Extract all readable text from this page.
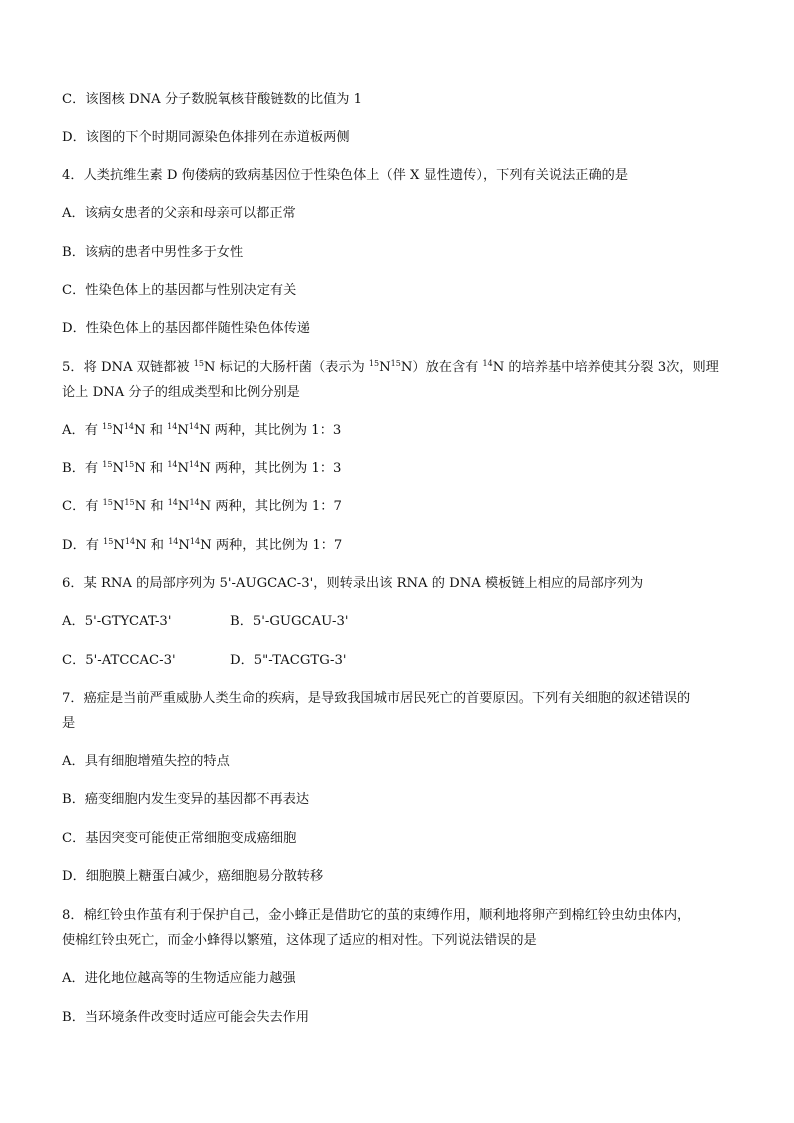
C．该图核 DNA 分子数脱氧核苷酸链数的比值为 1
D．该图的下个时期同源染色体排列在赤道板两侧
4．人类抗维生素 D 佝偻病的致病基因位于性染色体上（伴 X 显性遗传），下列有关说法正确的是
A．该病女患者的父亲和母亲可以都正常
B．该病的患者中男性多于女性
C．性染色体上的基因都与性别决定有关
D．性染色体上的基因都伴随性染色体传递
5．将 DNA 双链都被 $^{15}$N 标记的大肠杆菌（表示为 $^{15}N^{15}N$）放在含有 $^{14}$N 的培养基中培养使其分裂 3次，则理
论上 DNA 分子的组成类型和比例分别是
A．有 $^{15}N^{14}N$ 和 $^{14}N^{14}N$ 两种，其比例为 1：3
B．有 $^{15}N^{15}N$ 和 $^{14}N^{14}N$ 两种，其比例为 1：3
C．有 $^{15}N^{15}N$ 和 $^{14}N^{14}N$ 两种，其比例为 1：7
D．有 $^{15}N^{14}N$ 和 $^{14}N^{14}N$ 两种，其比例为 1：7
6．某 RNA 的局部序列为 5'-AUGCAC-3'，则转录出该 RNA 的 DNA 模板链上相应的局部序列为
A．5'-GTYCAT-3'	B．5'-GUGCAU-3'
C．5'-ATCCAC-3'	D．5"-TACGTG-3'
7．癌症是当前严重威胁人类生命的疾病，是导致我国城市居民死亡的首要原因。下列有关细胞的叙述错误的
是
A．具有细胞增殖失控的特点
B．癌变细胞内发生变异的基因都不再表达
C．基因突变可能使正常细胞变成癌细胞
D．细胞膜上糖蛋白减少，癌细胞易分散转移
8．棉红铃虫作茧有利于保护自己，金小蜂正是借助它的茧的束缚作用，顺利地将卵产到棉红铃虫幼虫体内，
使棉红铃虫死亡，而金小蜂得以繁殖，这体现了适应的相对性。下列说法错误的是
A．进化地位越高等的生物适应能力越强
B．当环境条件改变时适应可能会失去作用
